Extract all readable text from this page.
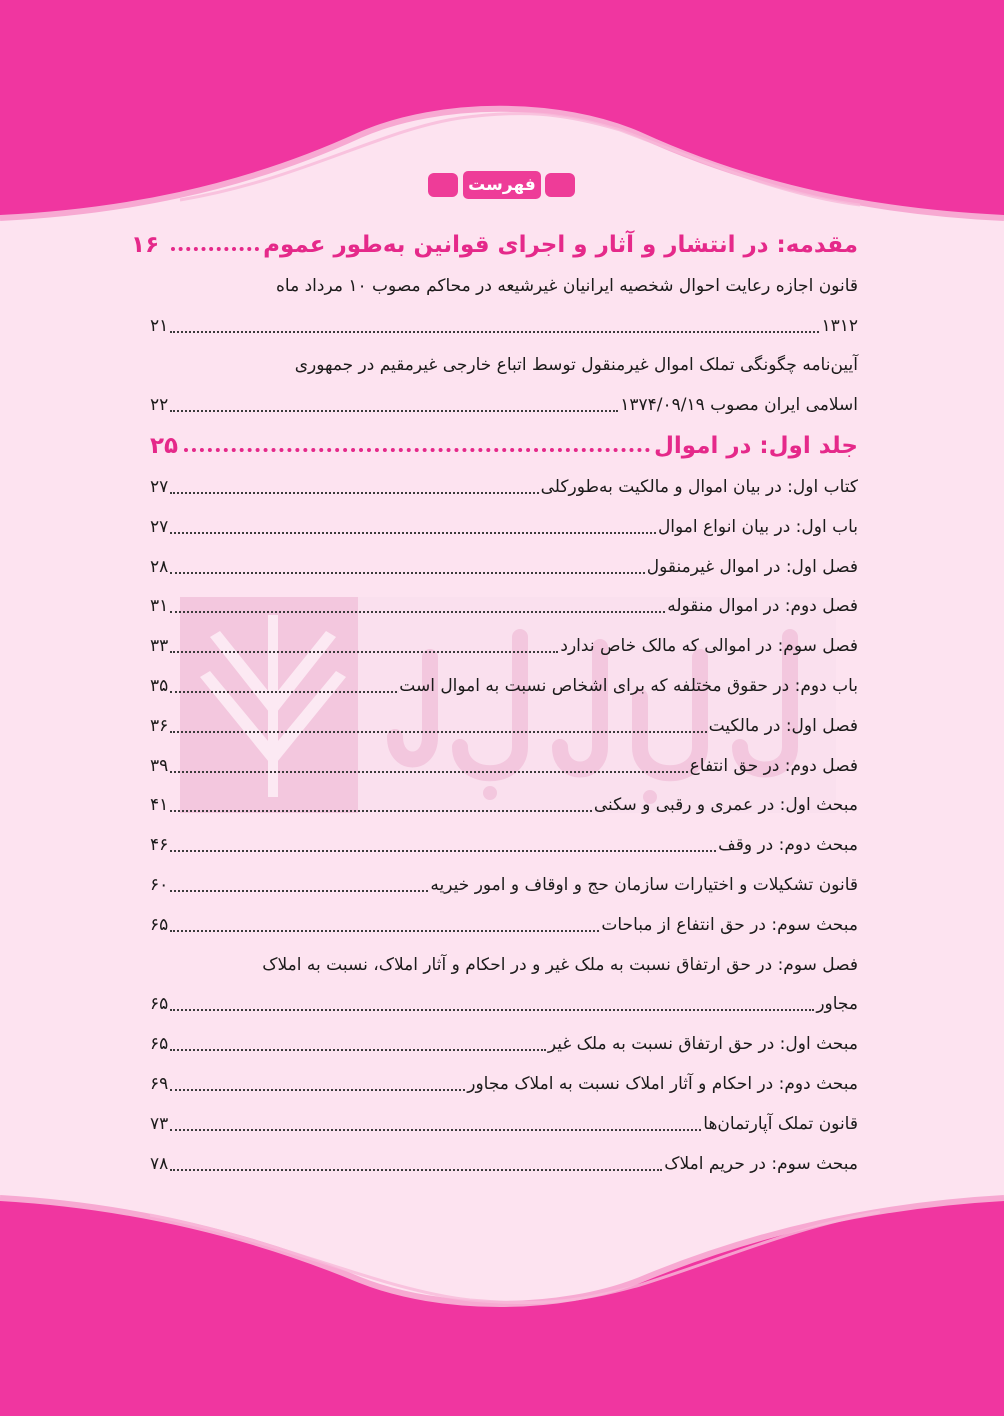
فهرست
مقدمه: در انتشار و آثار و اجرای قوانین به‌طور عموم
۱۶
قانون اجازه رعایت احوال شخصیه ایرانیان غیرشیعه در محاکم مصوب ۱۰ مرداد ماه
۱۳۱۲
۲۱
آیین‌نامه چگونگی تملک اموال غیرمنقول توسط اتباع خارجی غیرمقیم در جمهوری
اسلامی ایران مصوب ۱۳۷۴/۰۹/۱۹
۲۲
جلد اول: در اموال
۲۵
کتاب اول: در بیان اموال و مالکیت به‌طورکلی
۲۷
باب اول: در بیان انواع اموال
۲۷
فصل اول: در اموال غیرمنقول
۲۸
فصل دوم: در اموال منقوله
۳۱
فصل سوم: در اموالی که مالک خاص ندارد
۳۳
باب دوم: در حقوق مختلفه که برای اشخاص نسبت به اموال است
۳۵
فصل اول: در مالکیت
۳۶
فصل دوم: در حق انتفاع
۳۹
مبحث اول: در عمری و رقبی و سکنی
۴۱
مبحث دوم: در وقف
۴۶
قانون تشکیلات و اختیارات سازمان حج و اوقاف و امور خیریه
۶۰
مبحث سوم: در حق انتفاع از مباحات
۶۵
فصل سوم: در حق ارتفاق نسبت به ملک غیر و در احکام و آثار املاک، نسبت به املاک
مجاور
۶۵
مبحث اول: در حق ارتفاق نسبت به ملک غیر
۶۵
مبحث دوم: در احکام و آثار املاک نسبت به املاک مجاور
۶۹
قانون تملک آپارتمان‌ها
۷۳
مبحث سوم: در حریم املاک
۷۸
